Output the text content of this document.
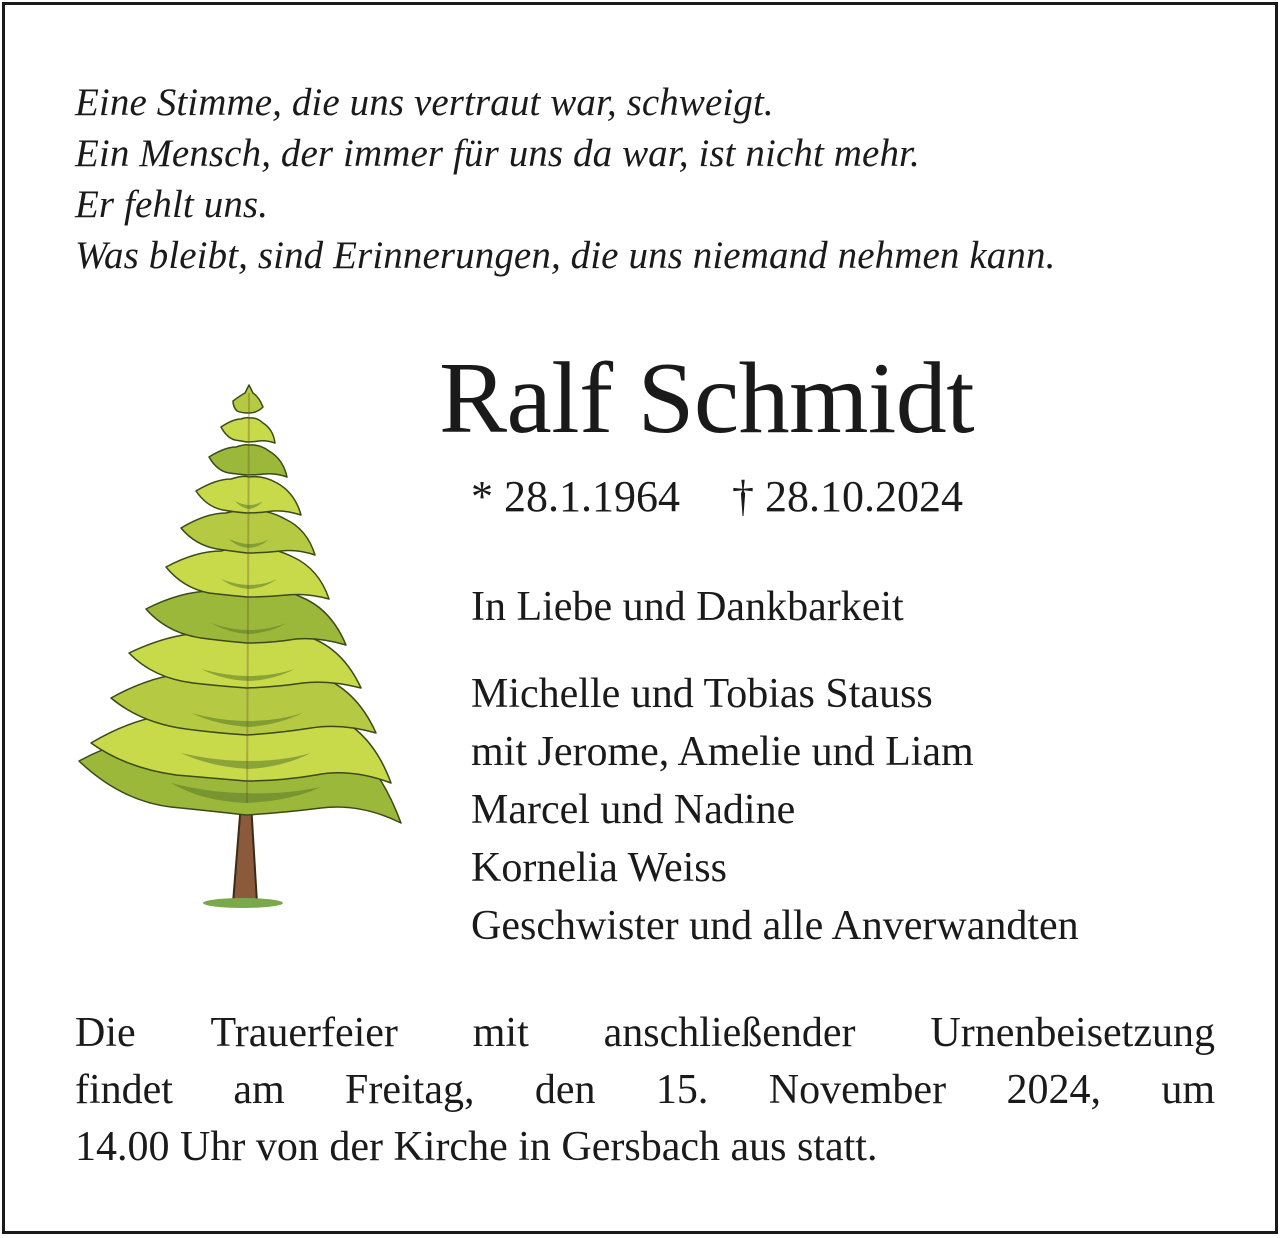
Eine Stimme, die uns vertraut war, schweigt.
Ein Mensch, der immer für uns da war, ist nicht mehr.
Er fehlt uns.
Was bleibt, sind Erinnerungen, die uns niemand nehmen kann.
Ralf Schmidt
* 28.1.1964 † 28.10.2024
In Liebe und Dankbarkeit
Michelle und Tobias Stauss
mit Jerome, Amelie und Liam
Marcel und Nadine
Kornelia Weiss
Geschwister und alle Anverwandten
Die Trauerfeier mit anschließender Urnenbeisetzung
findet am Freitag, den 15. November 2024, um
14.00 Uhr von der Kirche in Gersbach aus statt.
